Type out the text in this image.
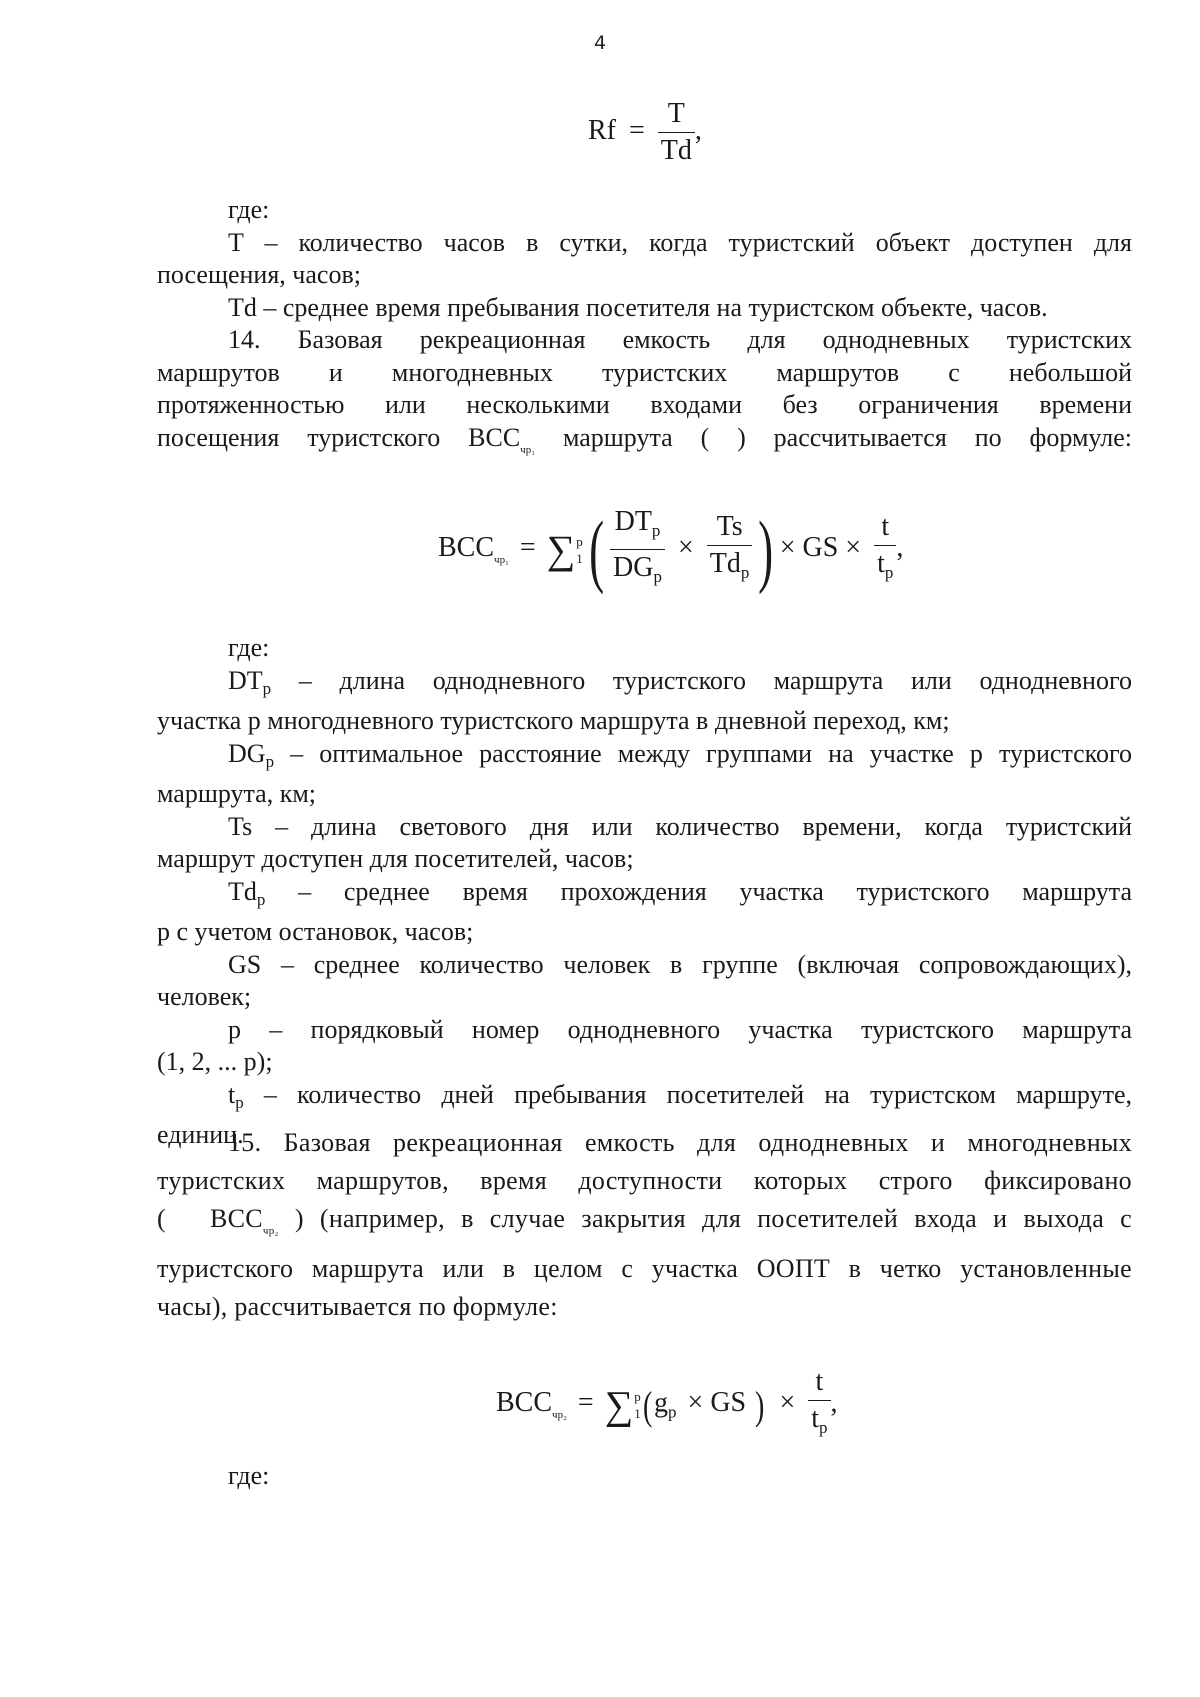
4
$Rf = \frac{T}{Td}$ ,

где:

T – количество часов в сутки, когда туристский объект доступен для
посещения, часов;

Td – среднее время пребывания посетителя на туристском объекте, часов.

14. Базовая рекреационная емкость для однодневных туристских
маршрутов и многодневных туристских маршрутов с небольшой
протяженностью или несколькими входами без ограничения времени
посещения туристского $BCC_{чр_1}$ маршрута ( ) рассчитывается по формуле:

$BCC_{чр_1}$ = ∑ p
1 ( $\frac{DT_p}{DG_p} \times \frac{Ts}{Td_p}$ ) × GS × $\frac{t}{t_p}$ ,

где:

DTp – длина однодневного туристского маршрута или однодневного
участка р многодневного туристского маршрута в дневной переход, км;

DGp – оптимальное расстояние между группами на участке р туристского
маршрута, км;

Ts – длина светового дня или количество времени, когда туристский
маршрут доступен для посетителей, часов;

Tdp – среднее время прохождения участка туристского маршрута
р с учетом остановок, часов;

GS – среднее количество человек в группе (включая сопровождающих),
человек;

р – порядковый номер однодневного участка туристского маршрута
(1, 2, ... p);

tp – количество дней пребывания посетителей на туристском маршруте,
единиц.

15. Базовая рекреационная емкость для однодневных и многодневных
туристских маршрутов, время доступности которых строго фиксировано
( $BCC_{чр_2}$ ) (например, в случае закрытия для посетителей входа и выхода с
туристского маршрута или в целом с участка ООПТ в четко установленные
часы), рассчитывается по формуле:
$BCC_{чр_2}$ = ∑ p
1 ($g_p$ × GS ) × $\frac{t}{t_p}$ ,

где:
